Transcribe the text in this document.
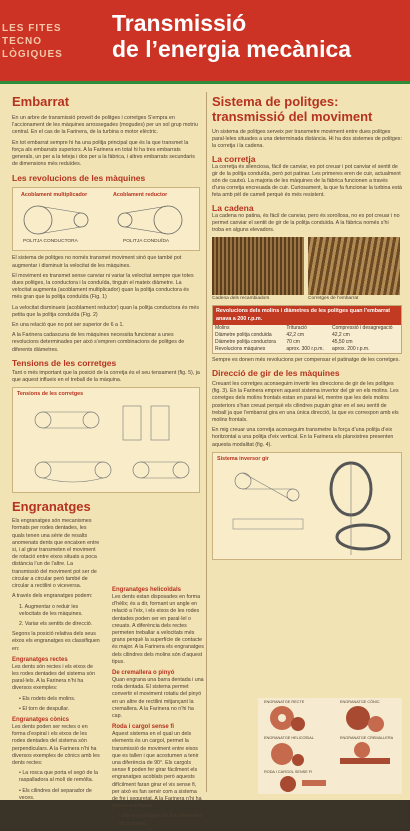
LES FITES
TECNO
LÒGIQUES
Transmissió
de l’energia mecànica
Embarrat

En un arbre de transmissió proveït de politges i corretges S’empra en l’accionament de les màquines arrossegades (mogudes) per un sol grup motriu central. En el cas de la Farinera, de la turbina o motor elèctric.

En tot embarrat sempre hi ha una politja principal que és la que transmet la força als embarrats superiors. A la Farinera en total hi ha tres embarrats generals, un per a la teteja i dos per a la fàbrica, i altres embarrats secundaris de dimensions més reduïdes.

Les revolucions de les màquines
Acoblament multiplicador	Acoblament reductor
POLITJA CONDUCTORA	POLITJA CONDUÏDA

El sistema de politges no només transmet moviment sinó que també pot augmentar i disminuir la velocitat de les màquines.

El moviment es transmet sense canviar ni variar la velocitat sempre que totes dues politges, la conductora i la conduïda, tinguin el mateix diàmetre. La velocitat augmenta (acoblament multiplicador) quan la politja conductora és més gran que la politja conduïda (Fig. 1)

La velocitat disminueix (acoblament reductor) quan la politja conductora és més petita que la politja conduïda (Fig. 2)

En una relació que no pot ser superior de 6 a 1.

A la Farinera cadascuna de les màquines necessita funcionar a unes revolucions determinades per això s’empren combinacions de politges de diferents diàmetres.

Tensions de les corretges

Tant o més important que la posició de la corretja és el seu tensament (fig. 5), ja que aquest influeix en el treball de la màquina.

Tensions de les corretges
Engranatges

Els engranatges són mecanismes formats per rodes dentades, les quals tenen una sèrie de resalts anomenats dents que encaixen entre si, i al girar transmeten el moviment de rotació entre eixos situats a poca distància l’un de l’altre. La transmissió del moviment pot ser de circular a circular però també de circular a rectilini o viceversa.

A través dels engranatges podem:

1. Augmentar o reduir les velocitats de les màquines.

2. Variar els sentits de direcció.

Segons la posició relativa dels seus eixos els engranatges es classifiquen en:

Engranatges rectes

Les dents són rectes i els eixos de les rodes dentades del sistema són paral·lels. A la Farinera n’hi ha diversos exemples:

• Els rodets dels molins.

• El torn de despullar.

Engranatges cònics

Les dents poden ser rectes o en forma d’espiral i els eixos de les rodes dentades del sistema són perpendiculars. A la Farinera n’hi ha diversos exemples de cònics amb les dents rectes:

• La rosca que porta el segó de la raspalladora al molí de remòlta.

• Els cilindres del separador de veces.

Engranatges helicoïdals

Les dents estan disposades en forma d’hèlix; és a dir, formant un angle en relació a l’eix, i els eixos de les rodes dentades poden ser en paral·lel o creuats. A diferència dels rectes permeten treballar a velocitats més grans perquè la superfície de contacte és major. A la Farinera els engranatges dels cilindres dels molins són d’aquest tipus.

De cremallera o pinyó

Quan engrana una barra dentada i una roda dentada. El sistema permet convertir el moviment rotatiu del pinyó en un altre de rectilini mitjançant la cremallera. A la Farinera no n’hi ha cap.

Roda i cargol sense fi

Aquest sistema en el qual un dels elements és un cargol, permet la transmissió de moviment entre eixos que es tallen i que acostumen a tenir una diferència de 90°. Els cargols sense fi poden fer girar fàcilment els engranatges acoblats però aquests difícilment faran girar el vis sense fi, per això es fan servir com a sistema de fre i seguretat. A la Farinera n’hi ha alguns exemples:

• Els engranatges de les comportes de la bassa

Sistema de politges:
transmissió del moviment

Un sistema de politges serveix per transmetre moviment entre dues politges paral·leles situades a una determinada distància. Hi ha dos sistemes de politges: la corretja i la cadena.

La corretja

La corretja és silenciosa, fàcil de canviar, es pot creuar i pot canviar el sentit de gir de la politja conduïda, però pot patinar. Les primeres eren de cuir, actualment són de cautxú. La majoria de les màquines de la fàbrica funcionen a través d’una corretja encreuada de cuir. Curiosament, la que fa funcionar la turbina està feta amb pèl de camell perquè és més resistent.

La cadena

La cadena no patina, és fàcil de canviar, pero és sorollosa, no es pot creuar i no permet canviar el sentit de gir de la politja conduïda. A la fàbrica només s’hi troba en alguns elevadors.

Cadena dels recambiadors	Corretges de l’embarrat
Revolucions dels molins i diàmetres de les politges quan l’embarrat anava a 200 r.p.m.
Molins	Trituració	Compressió i desagregació
Diàmetre politja conduïda	42,2 cm	42,2 cm
Diàmetre politja conductora	70 cm	45,50 cm
Revolucions màquines	aprox. 300 r.p.m.	aprox. 200 r.p.m.

Sempre es donen més revolucions per compensar el patinatge de les corretges.

Direcció de gir de les màquines

Creuant les corretges aconseguim invertir les direccions de gir de les politges (fig. 3). En la Farinera empren aquest sistema invertor del gir en els molins. Les corretges dels molins frontals estan en paral·lel, mentre que les dels molins posteriors s’han creuat perquè els cilindres puguin girar en el seu sentit de treball ja que l’embarrat gira en una única direcció, la que es correspon amb els molins frontals.

En mig creuar una corretja aconseguim transmetre la força d’una politja d’eix horitzontal a una politja d’eix vertical. En la Farinera els planxistres presenten aquesta modalitat (fig. 4).

Sistema inversor gir
ENGRANATGE RECTE	ENGRANATGE CÒNIC
ENGRANATGE HELICOÏDAL	ENGRANATGE CREMALLERA
RODA I CARGOL SENSE FI
